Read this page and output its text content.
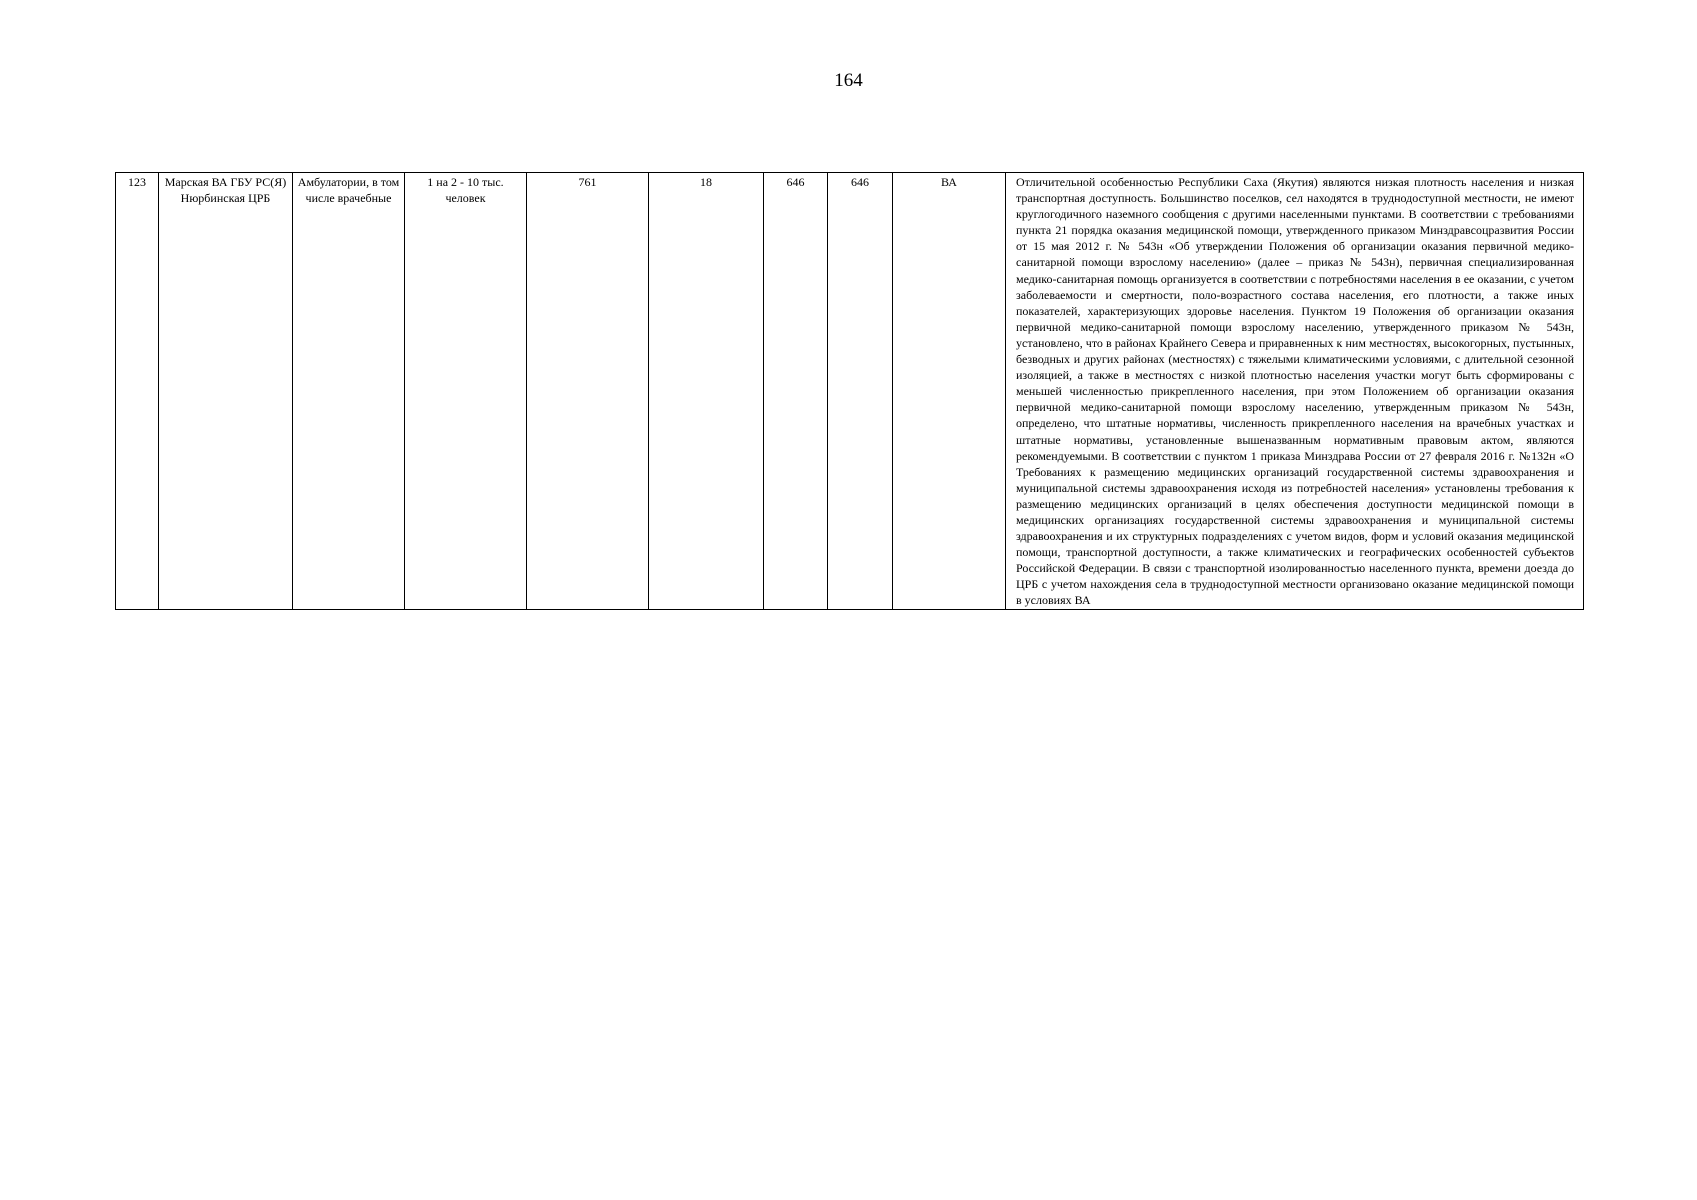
164
123	Марская ВА ГБУ РС(Я) Нюрбинская ЦРБ	Амбулатории, в том числе врачебные	1 на 2 - 10 тыс. человек	761	18	646	646	ВА	Отличительной особенностью Республики Саха (Якутия) являются низкая плотность населения и низкая транспортная доступность. Большинство поселков, сел находятся в труднодоступной местности, не имеют круглогодичного наземного сообщения с другими населенными пунктами. В соответствии с требованиями пункта 21 порядка оказания медицинской помощи, утвержденного приказом Минздравсоцразвития России от 15 мая 2012 г. № 543н «Об утверждении Положения об организации оказания первичной медико-санитарной помощи взрослому населению» (далее – приказ № 543н), первичная специализированная медико-санитарная помощь организуется в соответствии с потребностями населения в ее оказании, с учетом заболеваемости и смертности, поло-возрастного состава населения, его плотности, а также иных показателей, характеризующих здоровье населения. Пунктом 19 Положения об организации оказания первичной медико-санитарной помощи взрослому населению, утвержденного приказом № 543н, установлено, что в районах Крайнего Севера и приравненных к ним местностях, высокогорных, пустынных, безводных и других районах (местностях) с тяжелыми климатическими условиями, с длительной сезонной изоляцией, а также в местностях с низкой плотностью населения участки могут быть сформированы с меньшей численностью прикрепленного населения, при этом Положением об организации оказания первичной медико-санитарной помощи взрослому населению, утвержденным приказом № 543н, определено, что штатные нормативы, численность прикрепленного населения на врачебных участках и штатные нормативы, установленные вышеназванным нормативным правовым актом, являются рекомендуемыми. В соответствии с пунктом 1 приказа Минздрава России от 27 февраля 2016 г. №132н «О Требованиях к размещению медицинских организаций государственной системы здравоохранения и муниципальной системы здравоохранения исходя из потребностей населения» установлены требования к размещению медицинских организаций в целях обеспечения доступности медицинской помощи в медицинских организациях государственной системы здравоохранения и муниципальной системы здравоохранения и их структурных подразделениях с учетом видов, форм и условий оказания медицинской помощи, транспортной доступности, а также климатических и географических особенностей субъектов Российской Федерации. В связи с транспортной изолированностью населенного пункта, времени доезда до ЦРБ с учетом нахождения села в труднодоступной местности организовано оказание медицинской помощи в условиях ВА
